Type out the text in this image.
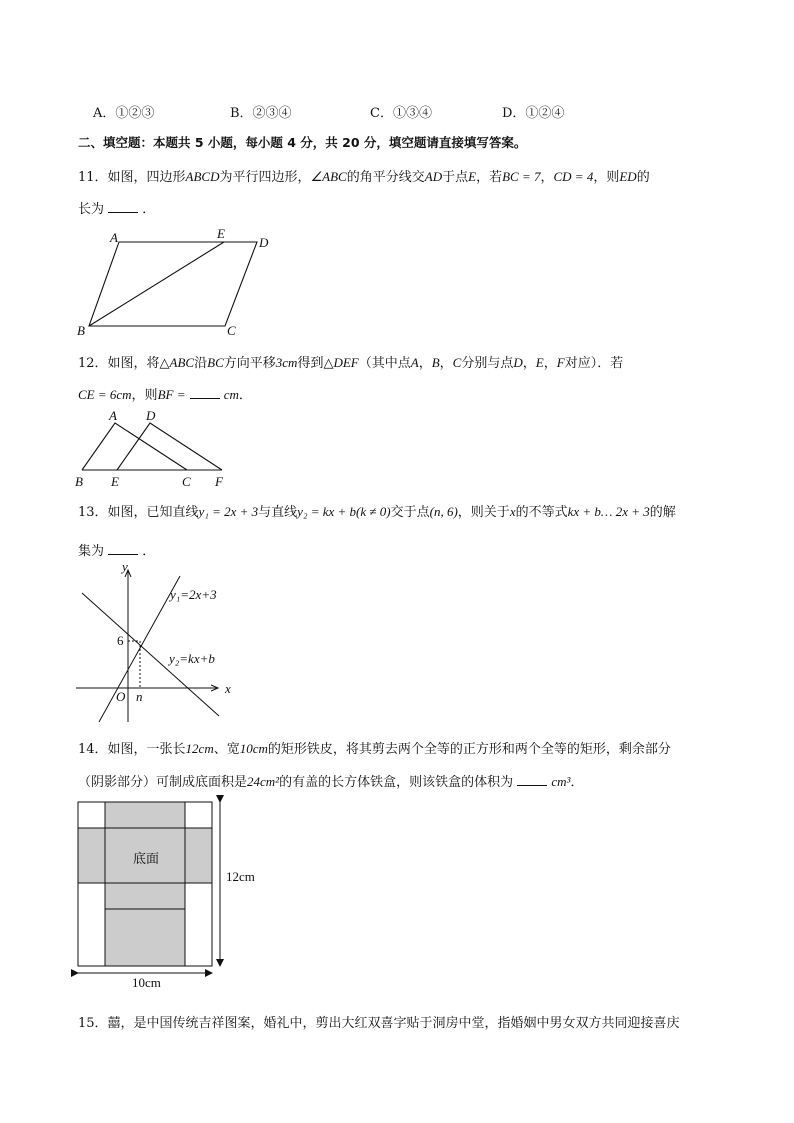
A．①②③	B．②③④	C．①③④	D．①②④
二、填空题：本题共 5 小题，每小题 4 分，共 20 分，填空题请直接填写答案。
11．如图，四边形ABCD为平行四边形，∠ABC的角平分线交AD于点E，若BC = 7，CD = 4，则ED的
长为	．
A	E
D
B	C
12．如图，将△ABC沿BC方向平移3cm得到△DEF（其中点A，B，C分别与点D，E，F对应）．若
CE = 6cm，则BF =	cm．
A D
B E	C F
13．如图，已知直线y₁ = 2x + 3与直线y₂ = kx + b(k ≠ 0)交于点(n, 6)，则关于x的不等式kx + b… 2x + 3的解
集为	．
y
x
O n
6
y₁=2x+3
y₂=kx+b
14．如图，一张长12cm、宽10cm的矩形铁皮，将其剪去两个全等的正方形和两个全等的矩形，剩余部分
（阴影部分）可制成底面积是24cm²的有盖的长方体铁盒，则该铁盒的体积为	cm³．
底面
12cm
10cm
15．囍，是中国传统吉祥图案，婚礼中，剪出大红双喜字贴于洞房中堂，指婚姻中男女双方共同迎接喜庆
